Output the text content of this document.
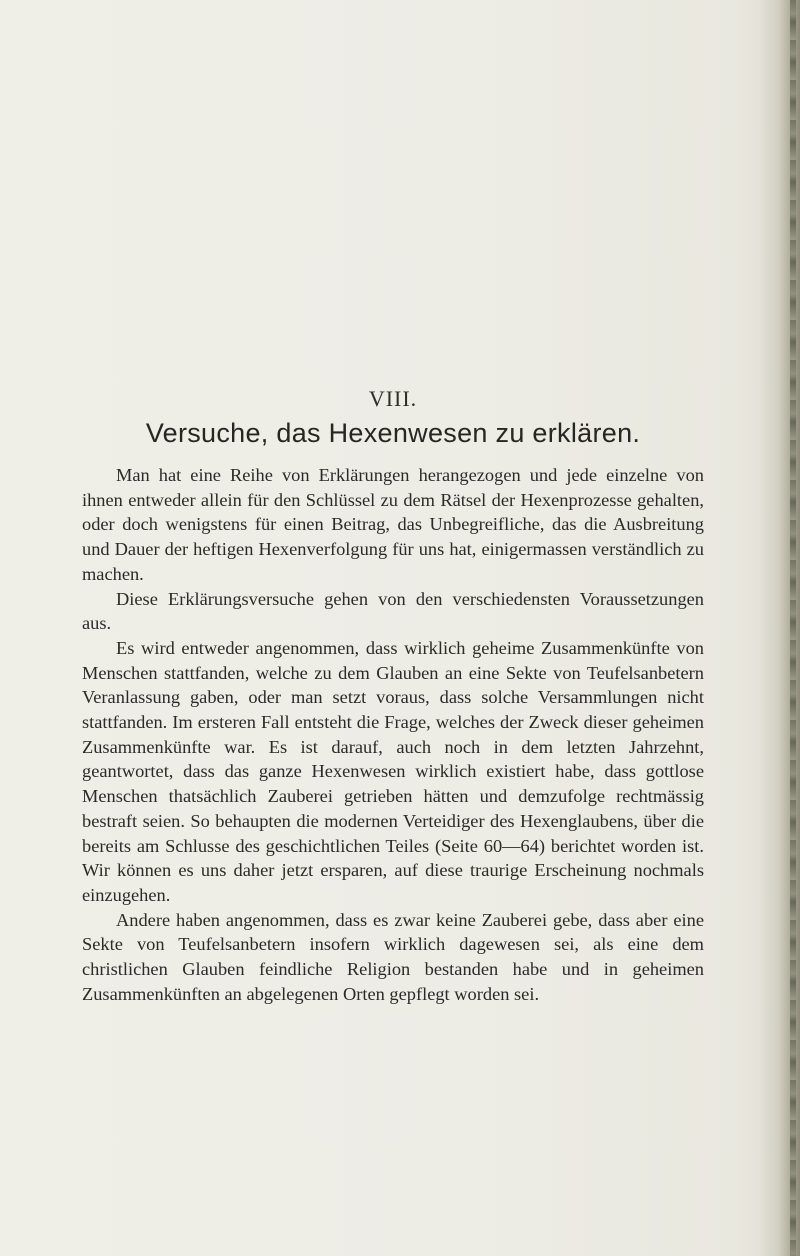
VIII.
Versuche, das Hexenwesen zu erklären.

Man hat eine Reihe von Erklärungen herangezogen und jede einzelne von ihnen entweder allein für den Schlüssel zu dem Rätsel der Hexenprozesse gehalten, oder doch wenigstens für einen Beitrag, das Unbegreifliche, das die Ausbreitung und Dauer der heftigen Hexenverfolgung für uns hat, einigermassen verständlich zu machen.

Diese Erklärungsversuche gehen von den verschiedensten Voraussetzungen aus.

Es wird entweder angenommen, dass wirklich geheime Zusammenkünfte von Menschen stattfanden, welche zu dem Glauben an eine Sekte von Teufelsanbetern Veranlassung gaben, oder man setzt voraus, dass solche Versammlungen nicht stattfanden. Im ersteren Fall entsteht die Frage, welches der Zweck dieser geheimen Zusammenkünfte war. Es ist darauf, auch noch in dem letzten Jahrzehnt, geantwortet, dass das ganze Hexenwesen wirklich existiert habe, dass gottlose Menschen thatsächlich Zauberei getrieben hätten und demzufolge rechtmässig bestraft seien. So behaupten die modernen Verteidiger des Hexenglaubens, über die bereits am Schlusse des geschichtlichen Teiles (Seite 60—64) berichtet worden ist. Wir können es uns daher jetzt ersparen, auf diese traurige Erscheinung nochmals einzugehen.

Andere haben angenommen, dass es zwar keine Zauberei gebe, dass aber eine Sekte von Teufelsanbetern insofern wirklich dagewesen sei, als eine dem christlichen Glauben feindliche Religion bestanden habe und in geheimen Zusammenkünften an abgelegenen Orten gepflegt worden sei.
